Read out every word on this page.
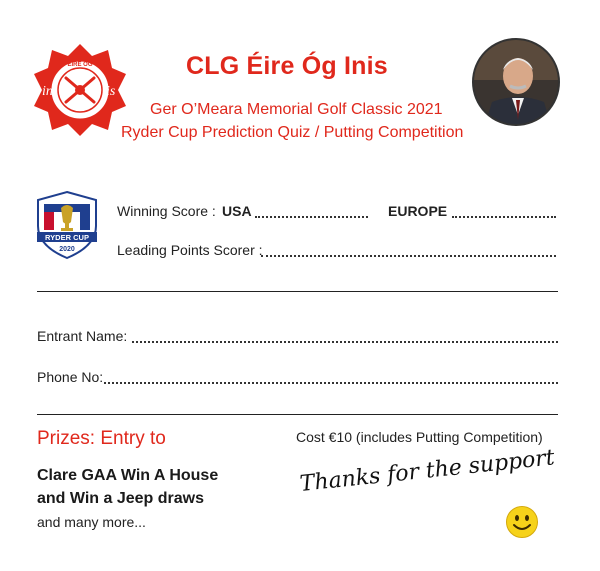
ÉIRE ÓG
in	is
CLG Éire Óg Inis
Ger O’Meara Memorial Golf Classic 2021
Ryder Cup Prediction Quiz / Putting Competition
RYDER CUP
2020
Winning Score : USA	EUROPE
Leading Points Scorer :
Entrant Name:
Phone No:
Prizes: Entry to	Cost €10 (includes Putting Competition)
Clare GAA Win A House
and Win a Jeep draws
and many more...
Thanks for the support
